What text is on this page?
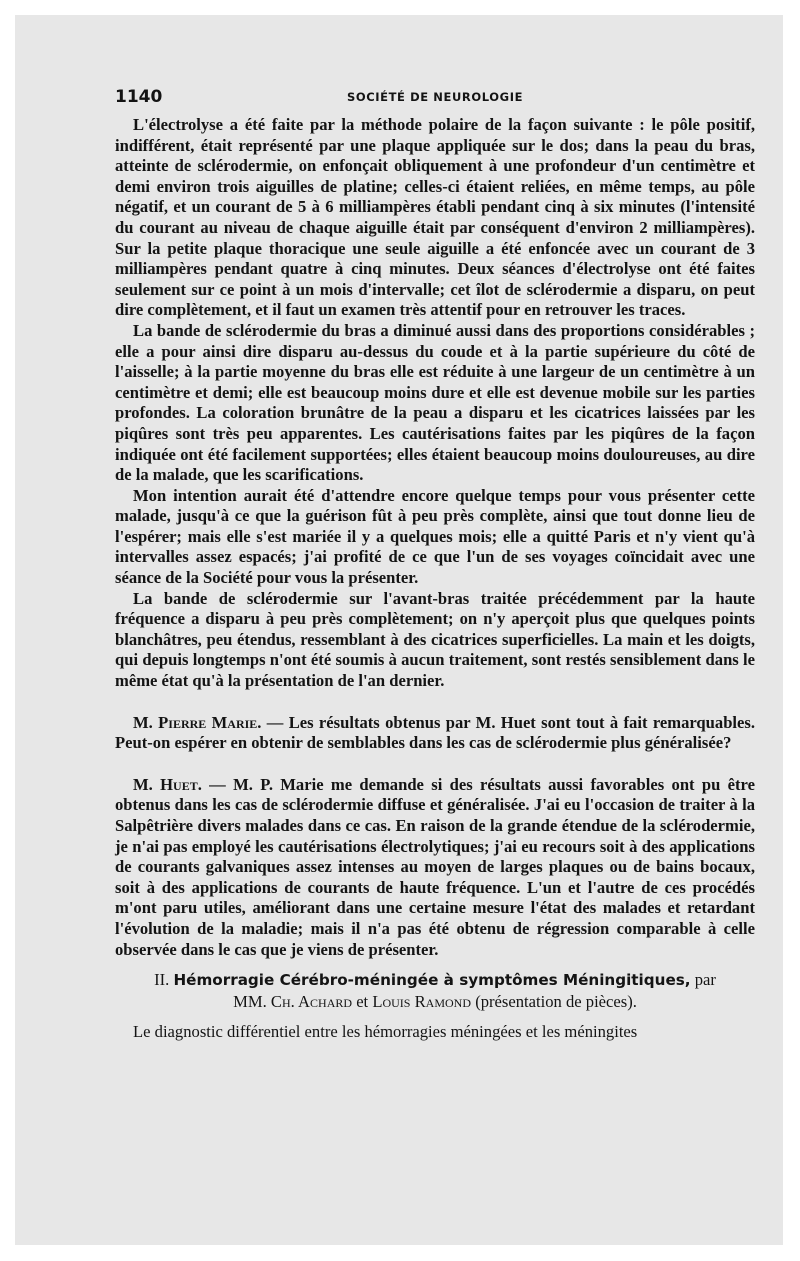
1140	SOCIÉTÉ DE NEUROLOGIE

L'électrolyse a été faite par la méthode polaire de la façon suivante : le pôle positif, indifférent, était représenté par une plaque appliquée sur le dos; dans la peau du bras, atteinte de sclérodermie, on enfonçait obliquement à une profondeur d'un centimètre et demi environ trois aiguilles de platine; celles-ci étaient reliées, en même temps, au pôle négatif, et un courant de 5 à 6 milliampères établi pendant cinq à six minutes (l'intensité du courant au niveau de chaque aiguille était par conséquent d'environ 2 milliampères). Sur la petite plaque thoracique une seule aiguille a été enfoncée avec un courant de 3 milliampères pendant quatre à cinq minutes. Deux séances d'électrolyse ont été faites seulement sur ce point à un mois d'intervalle; cet îlot de sclérodermie a disparu, on peut dire complètement, et il faut un examen très attentif pour en retrouver les traces.

La bande de sclérodermie du bras a diminué aussi dans des proportions considérables ; elle a pour ainsi dire disparu au-dessus du coude et à la partie supérieure du côté de l'aisselle; à la partie moyenne du bras elle est réduite à une largeur de un centimètre à un centimètre et demi; elle est beaucoup moins dure et elle est devenue mobile sur les parties profondes. La coloration brunâtre de la peau a disparu et les cicatrices laissées par les piqûres sont très peu apparentes. Les cautérisations faites par les piqûres de la façon indiquée ont été facilement supportées; elles étaient beaucoup moins douloureuses, au dire de la malade, que les scarifications.

Mon intention aurait été d'attendre encore quelque temps pour vous présenter cette malade, jusqu'à ce que la guérison fût à peu près complète, ainsi que tout donne lieu de l'espérer; mais elle s'est mariée il y a quelques mois; elle a quitté Paris et n'y vient qu'à intervalles assez espacés; j'ai profité de ce que l'un de ses voyages coïncidait avec une séance de la Société pour vous la présenter.

La bande de sclérodermie sur l'avant-bras traitée précédemment par la haute fréquence a disparu à peu près complètement; on n'y aperçoit plus que quelques points blanchâtres, peu étendus, ressemblant à des cicatrices superficielles. La main et les doigts, qui depuis longtemps n'ont été soumis à aucun traitement, sont restés sensiblement dans le même état qu'à la présentation de l'an dernier.

M. Pierre Marie. — Les résultats obtenus par M. Huet sont tout à fait remarquables. Peut-on espérer en obtenir de semblables dans les cas de sclérodermie plus généralisée?

M. Huet. — M. P. Marie me demande si des résultats aussi favorables ont pu être obtenus dans les cas de sclérodermie diffuse et généralisée. J'ai eu l'occasion de traiter à la Salpêtrière divers malades dans ce cas. En raison de la grande étendue de la sclérodermie, je n'ai pas employé les cautérisations électrolytiques; j'ai eu recours soit à des applications de courants galvaniques assez intenses au moyen de larges plaques ou de bains bocaux, soit à des applications de courants de haute fréquence. L'un et l'autre de ces procédés m'ont paru utiles, améliorant dans une certaine mesure l'état des malades et retardant l'évolution de la maladie; mais il n'a pas été obtenu de régression comparable à celle observée dans le cas que je viens de présenter.

II. Hémorragie Cérébro-méningée à symptômes Méningitiques, par

MM. Ch. Achard et Louis Ramond (présentation de pièces).

Le diagnostic différentiel entre les hémorragies méningées et les méningites
